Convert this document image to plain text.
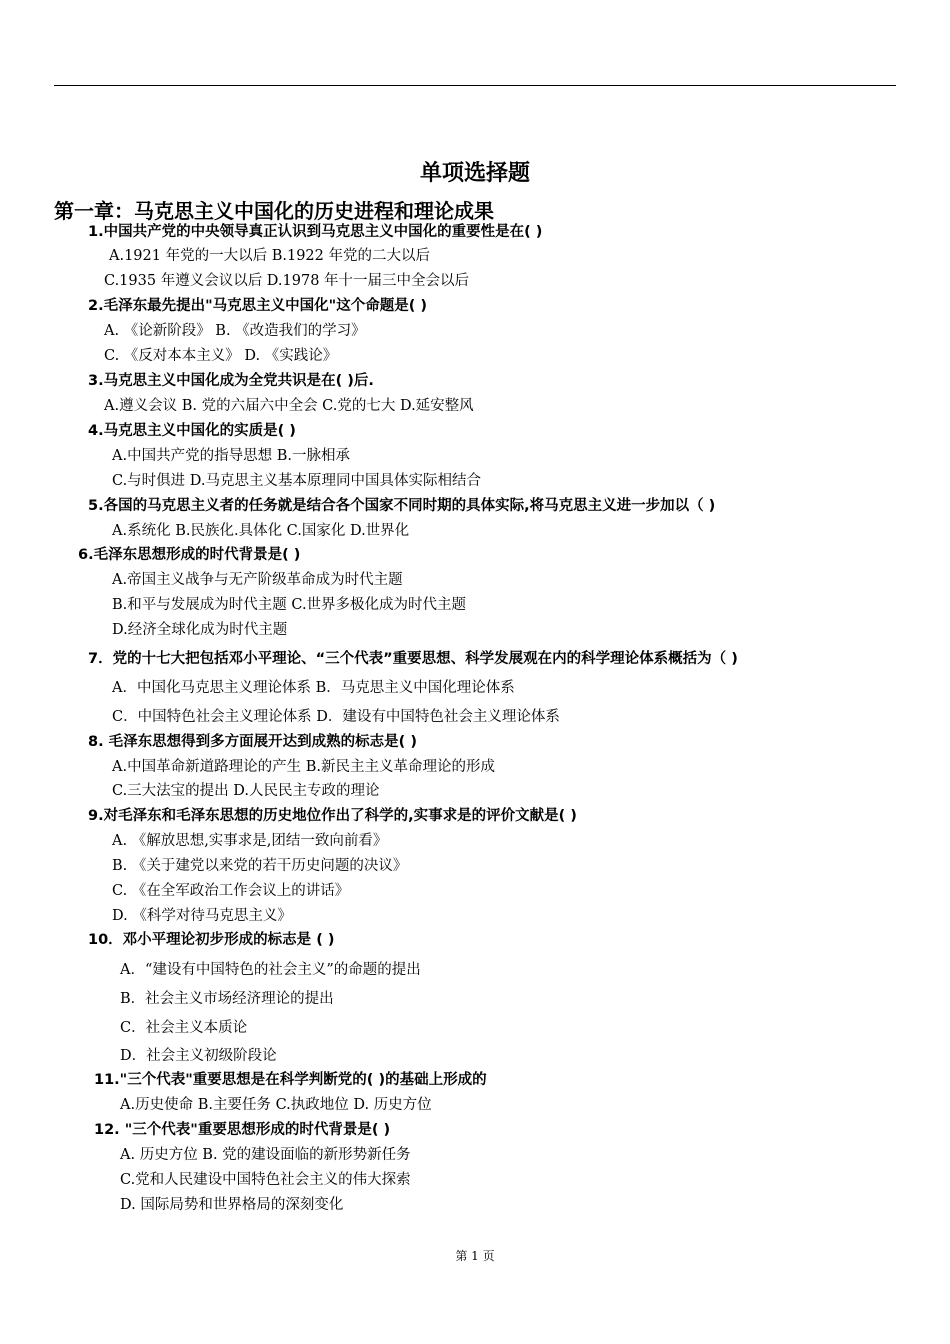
单项选择题
第一章：马克思主义中国化的历史进程和理论成果
1.中国共产党的中央领导真正认识到马克思主义中国化的重要性是在( )
A.1921 年党的一大以后 B.1922 年党的二大以后
C.1935 年遵义会议以后 D.1978 年十一届三中全会以后
2.毛泽东最先提出"马克思主义中国化"这个命题是( )
A. 《论新阶段》 B. 《改造我们的学习》
C. 《反对本本主义》 D. 《实践论》
3.马克思主义中国化成为全党共识是在( )后.
A.遵义会议 B. 党的六届六中全会 C.党的七大 D.延安整风
4.马克思主义中国化的实质是( )
A.中国共产党的指导思想 B.一脉相承
C.与时俱进 D.马克思主义基本原理同中国具体实际相结合
5.各国的马克思主义者的任务就是结合各个国家不同时期的具体实际,将马克思主义进一步加以（ )
A.系统化 B.民族化.具体化 C.国家化 D.世界化
6.毛泽东思想形成的时代背景是( )
A.帝国主义战争与无产阶级革命成为时代主题
B.和平与发展成为时代主题 C.世界多极化成为时代主题
D.经济全球化成为时代主题
7．党的十七大把包括邓小平理论、“三个代表”重要思想、科学发展观在内的科学理论体系概括为（ )
A．中国化马克思主义理论体系 B．马克思主义中国化理论体系
C．中国特色社会主义理论体系 D．建设有中国特色社会主义理论体系
8. 毛泽东思想得到多方面展开达到成熟的标志是( )
A.中国革命新道路理论的产生 B.新民主主义革命理论的形成
C.三大法宝的提出 D.人民民主专政的理论
9.对毛泽东和毛泽东思想的历史地位作出了科学的,实事求是的评价文献是( )
A. 《解放思想,实事求是,团结一致向前看》
B. 《关于建党以来党的若干历史问题的决议》
C. 《在全军政治工作会议上的讲话》
D. 《科学对待马克思主义》
10．邓小平理论初步形成的标志是 ( )
A．“建设有中国特色的社会主义”的命题的提出
B．社会主义市场经济理论的提出
C．社会主义本质论
D．社会主义初级阶段论
11."三个代表"重要思想是在科学判断党的( )的基础上形成的
A.历史使命 B.主要任务 C.执政地位 D. 历史方位
12. "三个代表"重要思想形成的时代背景是( )
A. 历史方位 B. 党的建设面临的新形势新任务
C.党和人民建设中国特色社会主义的伟大探索
D. 国际局势和世界格局的深刻变化
第 1 页
